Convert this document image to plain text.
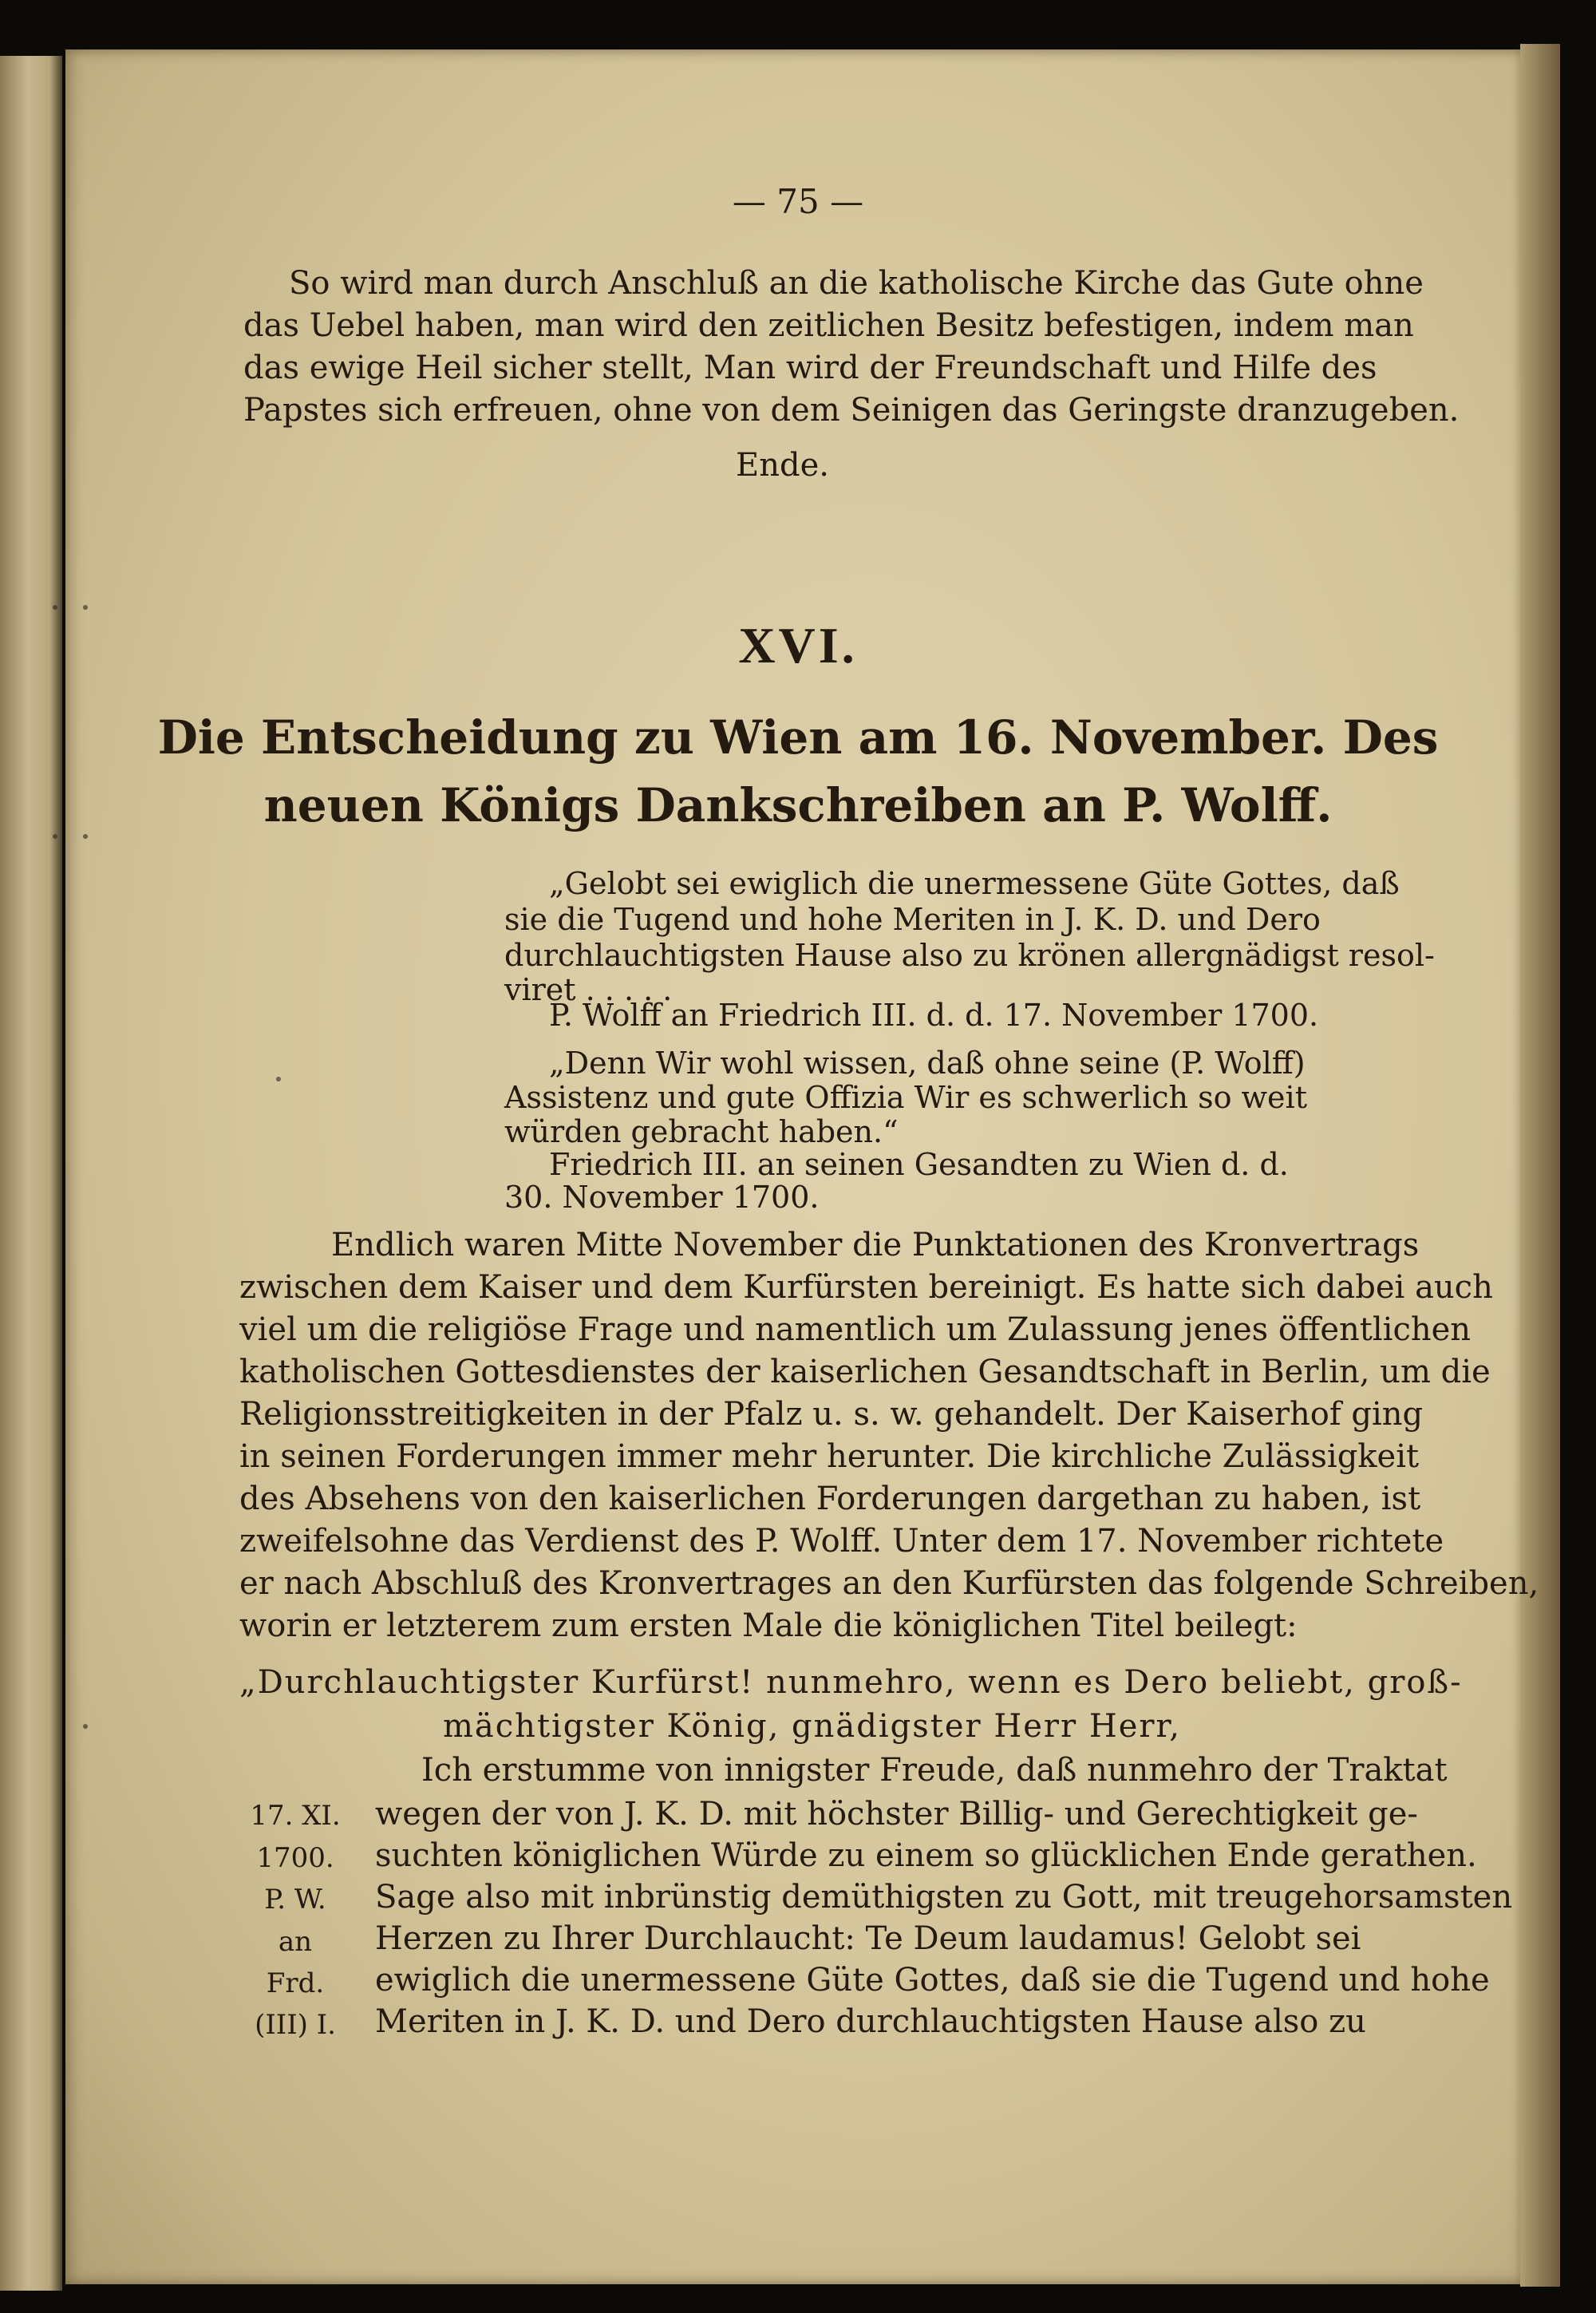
— 75 —
So wird man durch Anschluß an die katholische Kirche das Gute ohne
das Uebel haben, man wird den zeitlichen Besitz befestigen, indem man
das ewige Heil sicher stellt, Man wird der Freundschaft und Hilfe des
Papstes sich erfreuen, ohne von dem Seinigen das Geringste dranzugeben.
Ende.
XVI.
Die Entscheidung zu Wien am 16. November. Des
neuen Königs Dankschreiben an P. Wolff.
„Gelobt sei ewiglich die unermessene Güte Gottes, daß
sie die Tugend und hohe Meriten in J. K. D. und Dero
durchlauchtigsten Hause also zu krönen allergnädigst resol-
viret . . . . .
P. Wolff an Friedrich III. d. d. 17. November 1700.
„Denn Wir wohl wissen, daß ohne seine (P. Wolff)
Assistenz und gute Offizia Wir es schwerlich so weit
würden gebracht haben.“
Friedrich III. an seinen Gesandten zu Wien d. d.
30. November 1700.
Endlich waren Mitte November die Punktationen des Kronvertrags
zwischen dem Kaiser und dem Kurfürsten bereinigt. Es hatte sich dabei auch
viel um die religiöse Frage und namentlich um Zulassung jenes öffentlichen
katholischen Gottesdienstes der kaiserlichen Gesandtschaft in Berlin, um die
Religionsstreitigkeiten in der Pfalz u. s. w. gehandelt. Der Kaiserhof ging
in seinen Forderungen immer mehr herunter. Die kirchliche Zulässigkeit
des Absehens von den kaiserlichen Forderungen dargethan zu haben, ist
zweifelsohne das Verdienst des P. Wolff. Unter dem 17. November richtete
er nach Abschluß des Kronvertrages an den Kurfürsten das folgende Schreiben,
worin er letzterem zum ersten Male die königlichen Titel beilegt:
„Durchlauchtigster Kurfürst! nunmehro, wenn es Dero beliebt, groß-
mächtigster König, gnädigster Herr Herr,
Ich erstumme von innigster Freude, daß nunmehro der Traktat
wegen der von J. K. D. mit höchster Billig- und Gerechtigkeit ge-
suchten königlichen Würde zu einem so glücklichen Ende gerathen.
Sage also mit inbrünstig demüthigsten zu Gott, mit treugehorsamsten
Herzen zu Ihrer Durchlaucht: Te Deum laudamus! Gelobt sei
ewiglich die unermessene Güte Gottes, daß sie die Tugend und hohe
Meriten in J. K. D. und Dero durchlauchtigsten Hause also zu
17. XI.
1700.
P. W.
an
Frd.
(III) I.
